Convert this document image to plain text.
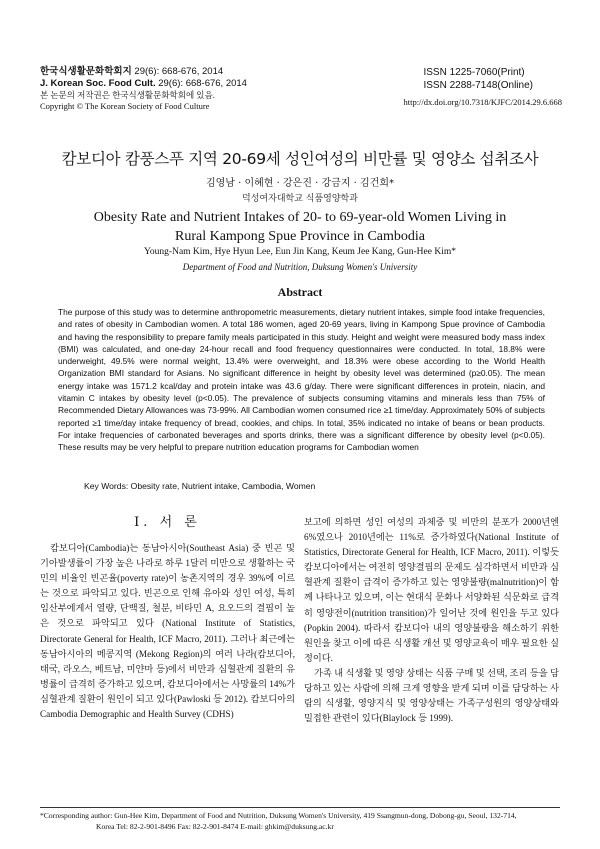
한국식생활문화학회지 29(6): 668-676, 2014
J. Korean Soc. Food Cult. 29(6): 668-676, 2014
본 논문의 저작권은 한국식생활문화학회에 있음.
Copyright © The Korean Society of Food Culture
ISSN 1225-7060(Print)
ISSN 2288-7148(Online)
http://dx.doi.org/10.7318/KJFC/2014.29.6.668
캄보디아 캄풍스푸 지역 20-69세 성인여성의 비만률 및 영양소 섭취조사
김영남 · 이혜현 · 강은진 · 강금지 · 김건희*
덕성여자대학교 식품영양학과
Obesity Rate and Nutrient Intakes of 20- to 69-year-old Women Living in
Rural Kampong Spue Province in Cambodia
Young-Nam Kim, Hye Hyun Lee, Eun Jin Kang, Keum Jee Kang, Gun-Hee Kim*
Department of Food and Nutrition, Duksung Women's University
Abstract
The purpose of this study was to determine anthropometric measurements, dietary nutrient intakes, simple food intake frequencies, and rates of obesity in Cambodian women. A total 186 women, aged 20-69 years, living in Kampong Spue province of Cambodia and having the responsibility to prepare family meals participated in this study. Height and weight were measured body mass index (BMI) was calculated, and one-day 24-hour recall and food frequency questionnaires were conducted. In total, 18.8% were underweight, 49.5% were normal weight, 13.4% were overweight, and 18.3% were obese according to the World Health Organization BMI standard for Asians. No significant difference in height by obesity level was determined (p≥0.05). The mean energy intake was 1571.2 kcal/day and protein intake was 43.6 g/day. There were significant differences in protein, niacin, and vitamin C intakes by obesity level (p<0.05). The prevalence of subjects consuming vitamins and minerals less than 75% of Recommended Dietary Allowances was 73-99%. All Cambodian women consumed rice ≥1 time/day. Approximately 50% of subjects reported ≥1 time/day intake frequency of bread, cookies, and chips. In total, 35% indicated no intake of beans or bean products. For intake frequencies of carbonated beverages and sports drinks, there was a significant difference by obesity level (p<0.05). These results may be very helpful to prepare nutrition education programs for Cambodian women
Key Words: Obesity rate, Nutrient intake, Cambodia, Women
I. 서 론

캄보디아(Cambodia)는 동남아시아(Southeast Asia) 중 빈곤 및 기아발생률이 가장 높은 나라로 하루 1달러 미만으로 생활하는 국민의 비율인 빈곤율(poverty rate)이 농촌지역의 경우 39%에 이르는 것으로 파악되고 있다. 빈곤으로 인해 유아와 성인 여성, 특히 임산부에게서 열량, 단백질, 철분, 비타민 A, 요오드의 결핍이 높은 것으로 파악되고 있다 (National Institute of Statistics, Directorate General for Health, ICF Macro, 2011). 그러나 최근에는 동남아시아의 메콩지역 (Mekong Region)의 여러 나라(캄보디아, 태국, 라오스, 베트남, 미얀마 등)에서 비만과 심혈관계 질환의 유병률이 급격히 증가하고 있으며, 캄보디아에서는 사망률의 14%가 심혈관계 질환이 원인이 되고 있다(Pawloski 등 2012). 캄보디아의 Cambodia Demographic and Health Survey (CDHS)

보고에 의하면 성인 여성의 과체중 및 비만의 분포가 2000년엔 6%였으나 2010년에는 11%로 증가하였다(National Institute of Statistics, Directorate General for Health, ICF Macro, 2011). 이렇듯 캄보디아에서는 여전히 영양결핍의 문제도 심각하면서 비만과 심혈관계 질환이 급격이 증가하고 있는 영양불량(malnutrition)이 함께 나타나고 있으며, 이는 현대식 문화나 서양화된 식문화로 급격히 영양전이(nutrition transition)가 일어난 것에 원인을 두고 있다(Popkin 2004). 따라서 캄보디아 내의 영양불량을 해소하기 위한 원인을 찾고 이에 따른 식생활 개선 및 영양교육이 매우 필요한 실정이다.

가족 내 식생활 및 영양 상태는 식품 구매 및 선택, 조리 등을 담당하고 있는 사람에 의해 크게 영향을 받게 되며 이를 담당하는 사람의 식생활, 영양지식 및 영양상태는 가족구성원의 영양상태와 밀접한 관련이 있다(Blaylock 등 1999).

*Corresponding author: Gun-Hee Kim, Department of Food and Nutrition, Duksung Women's University, 419 Ssangmun-dong, Dobong-gu, Seoul, 132-714,
Korea Tel: 82-2-901-8496 Fax: 82-2-901-8474 E-mail: ghkim@duksung.ac.kr
